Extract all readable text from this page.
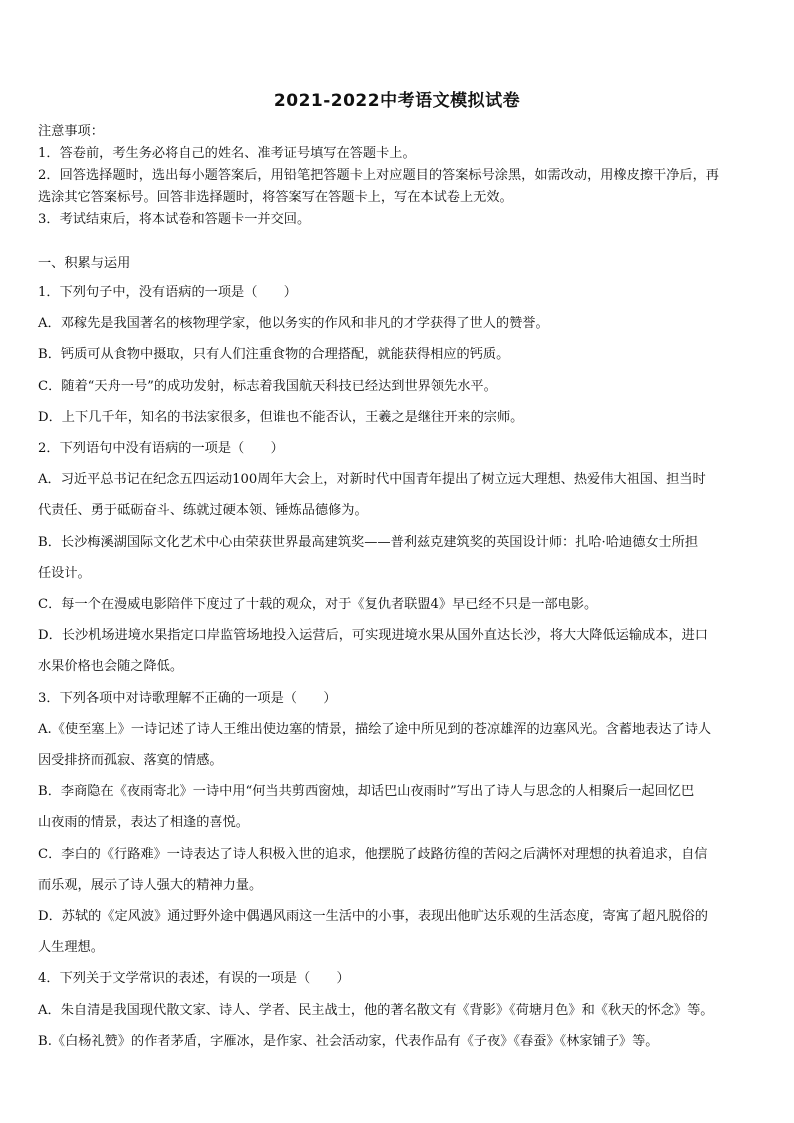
2021-2022中考语文模拟试卷

注意事项：

1．答卷前，考生务必将自己的姓名、准考证号填写在答题卡上。

2．回答选择题时，选出每小题答案后，用铅笔把答题卡上对应题目的答案标号涂黑，如需改动，用橡皮擦干净后，再

选涂其它答案标号。回答非选择题时，将答案写在答题卡上，写在本试卷上无效。

3．考试结束后，将本试卷和答题卡一并交回。

一、积累与运用

1．下列句子中，没有语病的一项是（　　）

A．邓稼先是我国著名的核物理学家，他以务实的作风和非凡的才学获得了世人的赞誉。

B．钙质可从食物中摄取，只有人们注重食物的合理搭配，就能获得相应的钙质。

C．随着“天舟一号”的成功发射，标志着我国航天科技已经达到世界领先水平。

D．上下几千年，知名的书法家很多，但谁也不能否认，王羲之是继往开来的宗师。

2．下列语句中没有语病的一项是（　　）

A．习近平总书记在纪念五四运动100周年大会上，对新时代中国青年提出了树立远大理想、热爱伟大祖国、担当时

代责任、勇于砥砺奋斗、练就过硬本领、锤炼品德修为。

B．长沙梅溪湖国际文化艺术中心由荣获世界最高建筑奖——普利兹克建筑奖的英国设计师：扎哈·哈迪德女士所担

任设计。

C．每一个在漫威电影陪伴下度过了十载的观众，对于《复仇者联盟4》早已经不只是一部电影。

D．长沙机场进境水果指定口岸监管场地投入运营后，可实现进境水果从国外直达长沙，将大大降低运输成本，进口

水果价格也会随之降低。

3．下列各项中对诗歌理解不正确的一项是（　　）

A.《使至塞上》一诗记述了诗人王维出使边塞的情景，描绘了途中所见到的苍凉雄浑的边塞风光。含蓄地表达了诗人

因受排挤而孤寂、落寞的情感。

B．李商隐在《夜雨寄北》一诗中用“何当共剪西窗烛，却话巴山夜雨时”写出了诗人与思念的人相聚后一起回忆巴

山夜雨的情景，表达了相逢的喜悦。

C．李白的《行路难》一诗表达了诗人积极入世的追求，他摆脱了歧路彷徨的苦闷之后满怀对理想的执着追求，自信

而乐观，展示了诗人强大的精神力量。

D．苏轼的《定风波》通过野外途中偶遇风雨这一生活中的小事，表现出他旷达乐观的生活态度，寄寓了超凡脱俗的

人生理想。

4．下列关于文学常识的表述，有误的一项是（　　）

A．朱自清是我国现代散文家、诗人、学者、民主战士，他的著名散文有《背影》《荷塘月色》和《秋天的怀念》等。

B.《白杨礼赞》的作者茅盾，字雁冰，是作家、社会活动家，代表作品有《子夜》《春蚕》《林家铺子》等。
